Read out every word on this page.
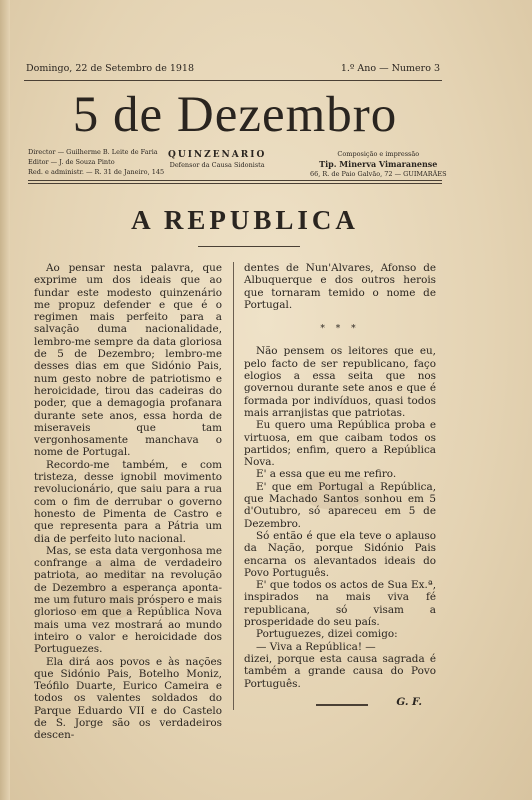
Domingo, 22 de Setembro de 1918	1.º Ano — Numero 3
5 de Dezembro
Director — Guilherme B. Leite de Faria
Editor — J. de Souza Pinto
Red. e administr. — R. 31 de Janeiro, 145
QUINZENARIO
Defensor da Causa Sidonista
Composição e impressão
Tip. Minerva Vimaranense
66, R. de Paio Galvão, 72 — GUIMARÃES
A REPUBLICA

Ao pensar nesta palavra, que exprime um dos ideais que ao fundar este modesto quinzenário me propuz defender e que é o regimen mais perfeito para a salvação duma nacionalidade, lembro-me sempre da data gloriosa de 5 de Dezembro; lembro-me desses dias em que Sidónio Pais, num gesto nobre de patriotismo e heroicidade, tirou das cadeiras do poder, que a demagogia profanara durante sete anos, essa horda de miseraveis que tam vergonhosamente manchava o nome de Portugal.

Recordo-me também, e com tristeza, desse ignobil movimento revolucionário, que saiu para a rua com o fim de derrubar o governo honesto de Pimenta de Castro e que representa para a Pátria um dia de perfeito luto nacional.

Mas, se esta data vergonhosa me confrange a alma de verdadeiro patriota, ao meditar na revolução de Dezembro a esperança aponta-me um futuro mais próspero e mais glorioso em que a República Nova mais uma vez mostrará ao mundo inteiro o valor e heroicidade dos Portuguezes.

Ela dirá aos povos e às nações que Sidónio Pais, Botelho Moniz, Teófilo Duarte, Eurico Cameira e todos os valentes soldados do Parque Eduardo VII e do Castelo de S. Jorge são os verdadeiros descen-

dentes de Nun'Alvares, Afonso de Albuquerque e dos outros herois que tornaram temido o nome de Portugal.

* * *

Não pensem os leitores que eu, pelo facto de ser republicano, faço elogios a essa seita que nos governou durante sete anos e que é formada por indivíduos, quasi todos mais arranjistas que patriotas.

Eu quero uma República proba e virtuosa, em que caibam todos os partidos; enfim, quero a República Nova.

E' a essa que eu me refiro.

E' que em Portugal a República, que Machado Santos sonhou em 5 d'Outubro, só apareceu em 5 de Dezembro.

Só então é que ela teve o aplauso da Nação, porque Sidónio Pais encarna os alevantados ideais do Povo Português.

E' que todos os actos de Sua Ex.ª, inspirados na mais viva fé republicana, só visam a prosperidade do seu país.

Portuguezes, dizei comigo:

— Viva a República! —

dizei, porque esta causa sagrada é também a grande causa do Povo Português.

G. F.
